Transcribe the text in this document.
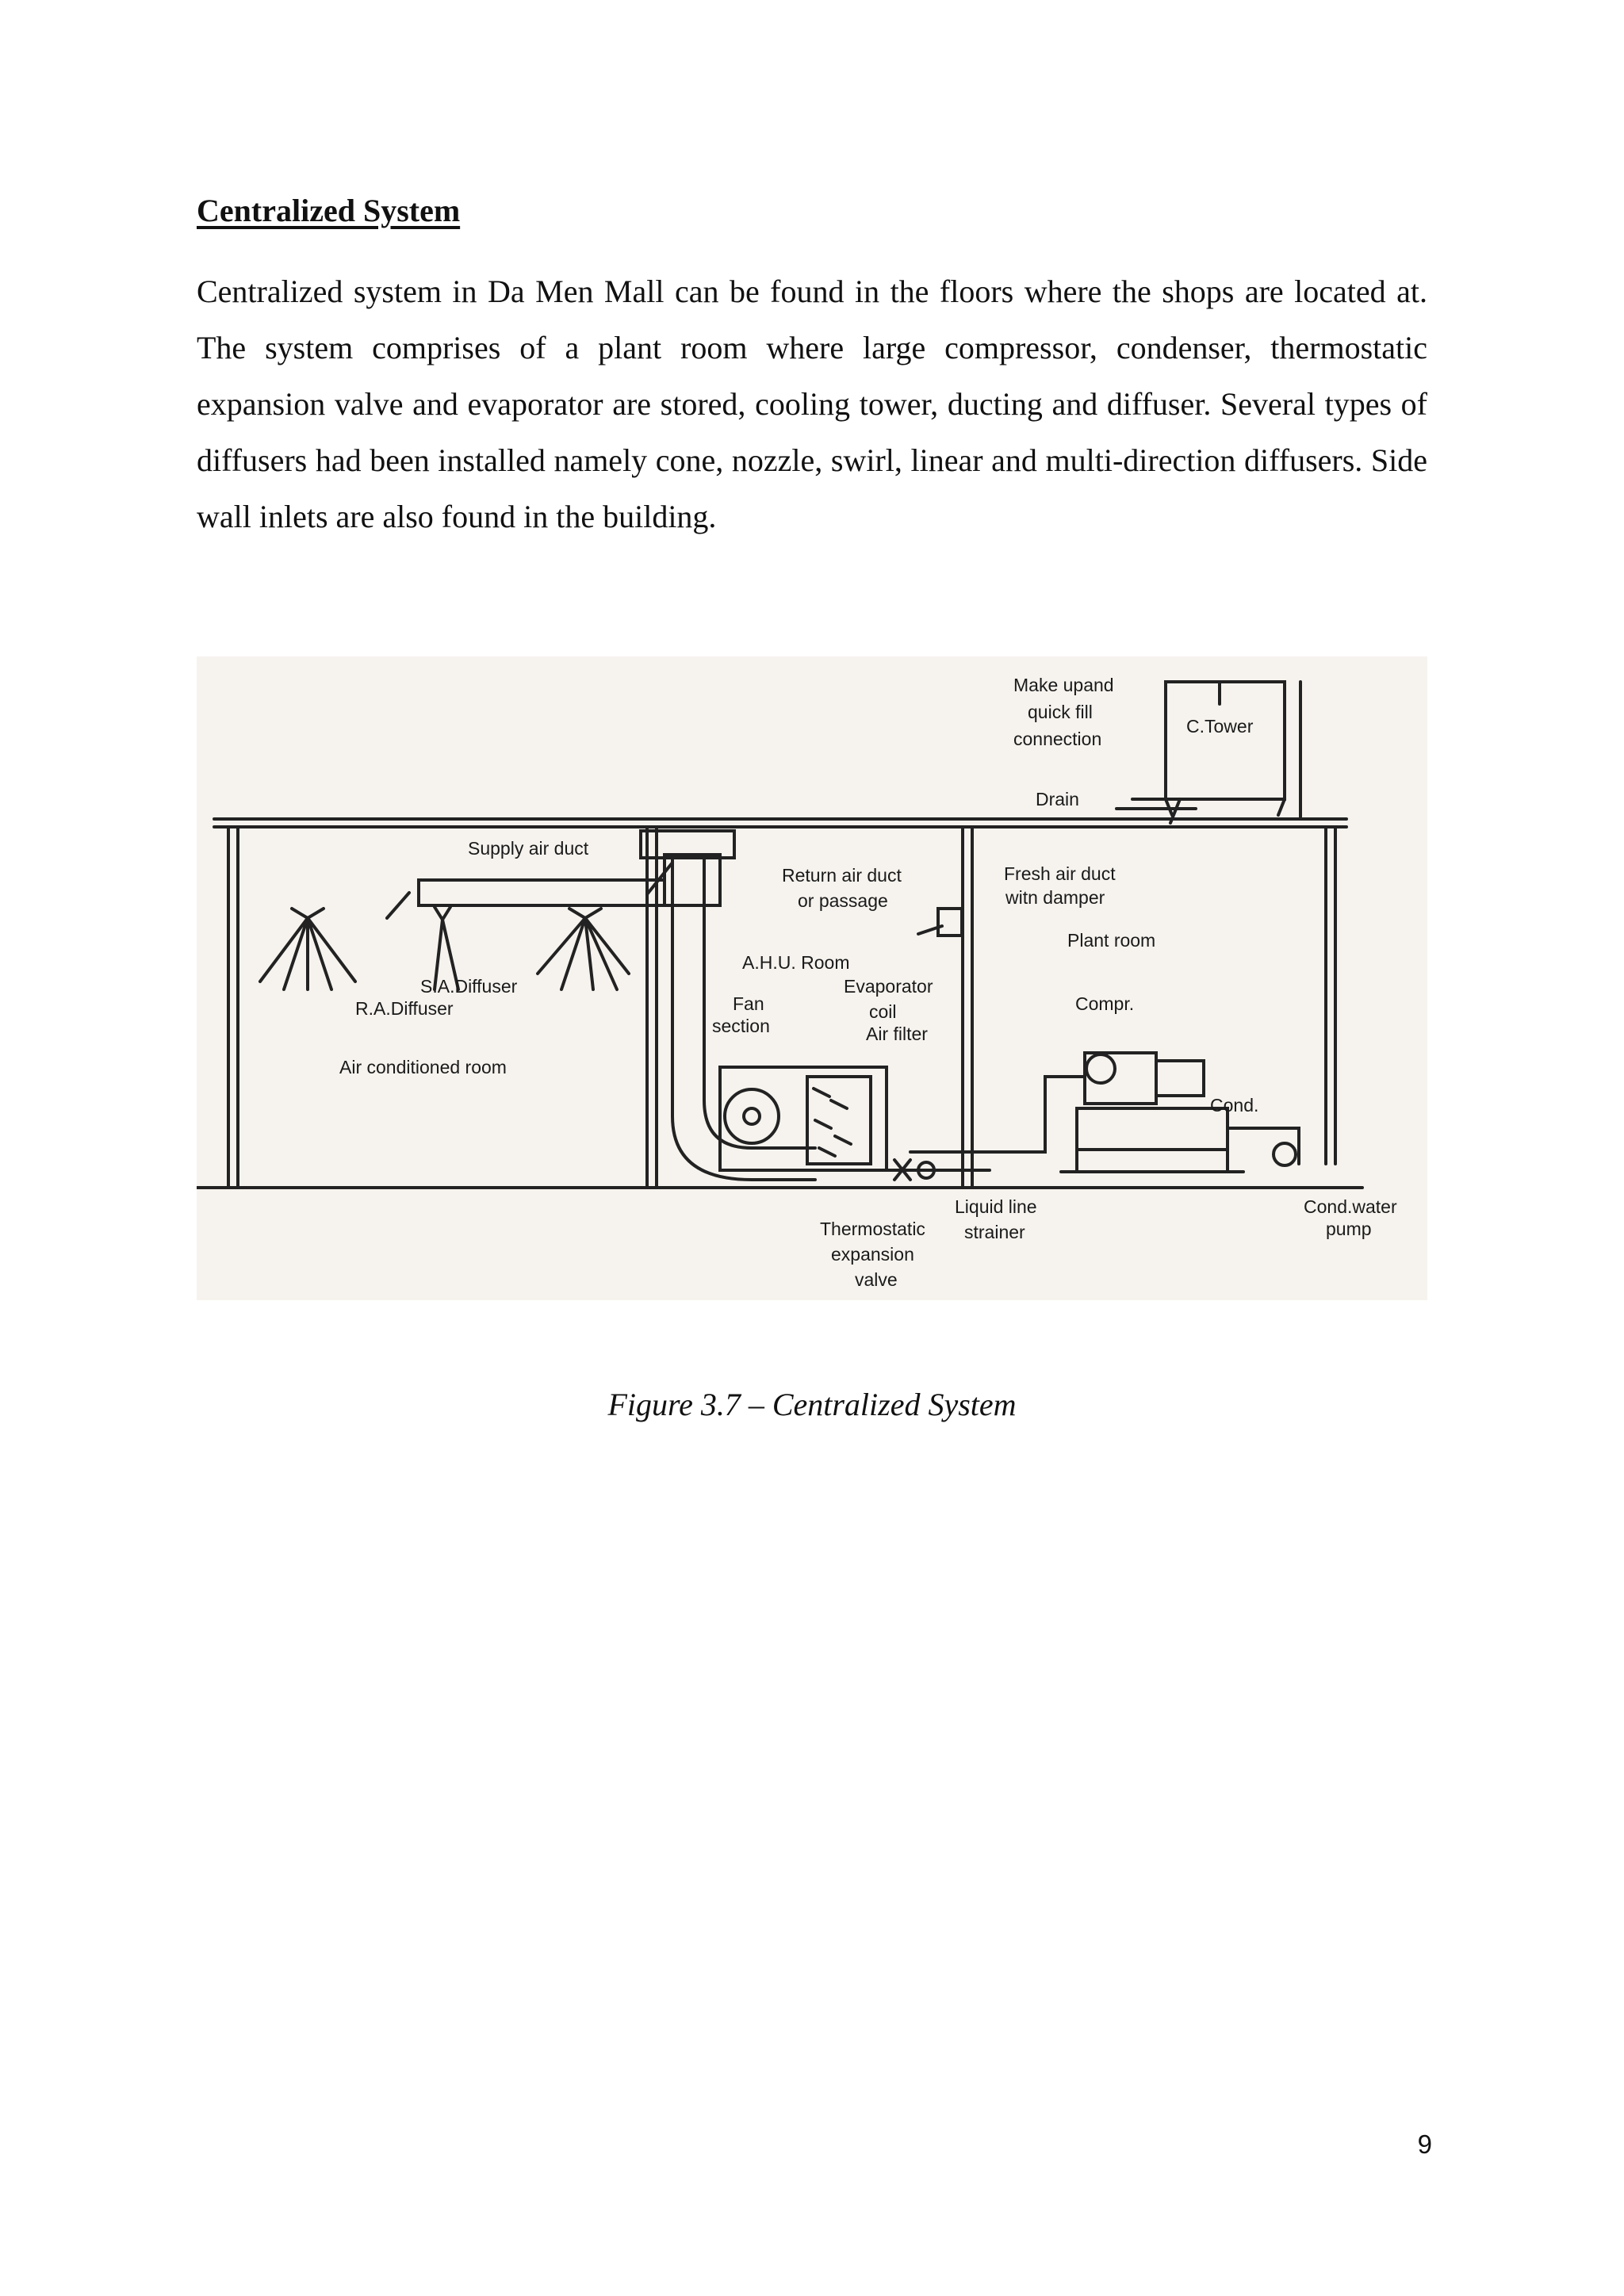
Centralized System

Centralized system in Da Men Mall can be found in the floors where the shops are located at. The system comprises of a plant room where large compressor, condenser, thermostatic expansion valve and evaporator are stored, cooling tower, ducting and diffuser. Several types of diffusers had been installed namely cone, nozzle, swirl, linear and multi-direction diffusers. Side wall inlets are also found in the building.

Make upand
quick fill
connection
C.Tower
Drain
Supply air duct
Return air duct
or passage
Fresh air duct
witn damper
Plant room
A.H.U. Room
S.A.Diffuser
R.A.Diffuser
Evaporator
coil
Air filter
Fan
section
Compr.
Air conditioned room
Cond.
Liquid line
strainer
Thermostatic
expansion
valve
Cond.water
pump
Figure 3.7 – Centralized System
9
